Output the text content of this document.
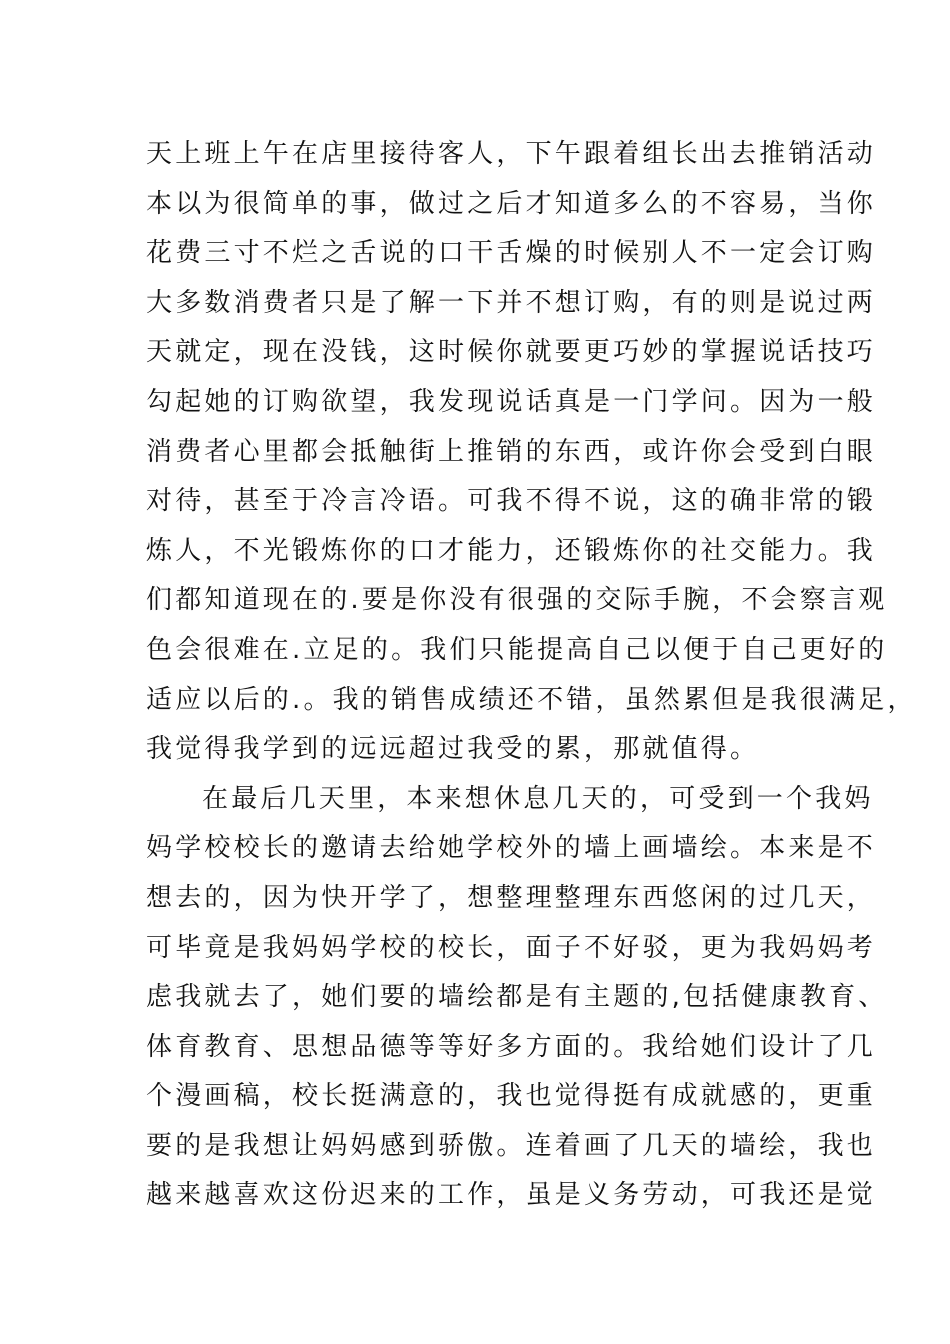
天上班上午在店里接待客人，下午跟着组长出去推销活动
本以为很简单的事，做过之后才知道多么的不容易，当你
花费三寸不烂之舌说的口干舌燥的时候别人不一定会订购
大多数消费者只是了解一下并不想订购，有的则是说过两
天就定，现在没钱，这时候你就要更巧妙的掌握说话技巧
勾起她的订购欲望，我发现说话真是一门学问。因为一般
消费者心里都会抵触街上推销的东西，或许你会受到白眼
对待，甚至于冷言冷语。可我不得不说，这的确非常的锻
炼人，不光锻炼你的口才能力，还锻炼你的社交能力。我
们都知道现在的.要是你没有很强的交际手腕，不会察言观
色会很难在.立足的。我们只能提高自己以便于自己更好的
适应以后的.。我的销售成绩还不错，虽然累但是我很满足，
我觉得我学到的远远超过我受的累，那就值得。
在最后几天里，本来想休息几天的，可受到一个我妈
妈学校校长的邀请去给她学校外的墙上画墙绘。本来是不
想去的，因为快开学了，想整理整理东西悠闲的过几天，
可毕竟是我妈妈学校的校长，面子不好驳，更为我妈妈考
虑我就去了，她们要的墙绘都是有主题的,包括健康教育、
体育教育、思想品德等等好多方面的。我给她们设计了几
个漫画稿，校长挺满意的，我也觉得挺有成就感的，更重
要的是我想让妈妈感到骄傲。连着画了几天的墙绘，我也
越来越喜欢这份迟来的工作，虽是义务劳动，可我还是觉
